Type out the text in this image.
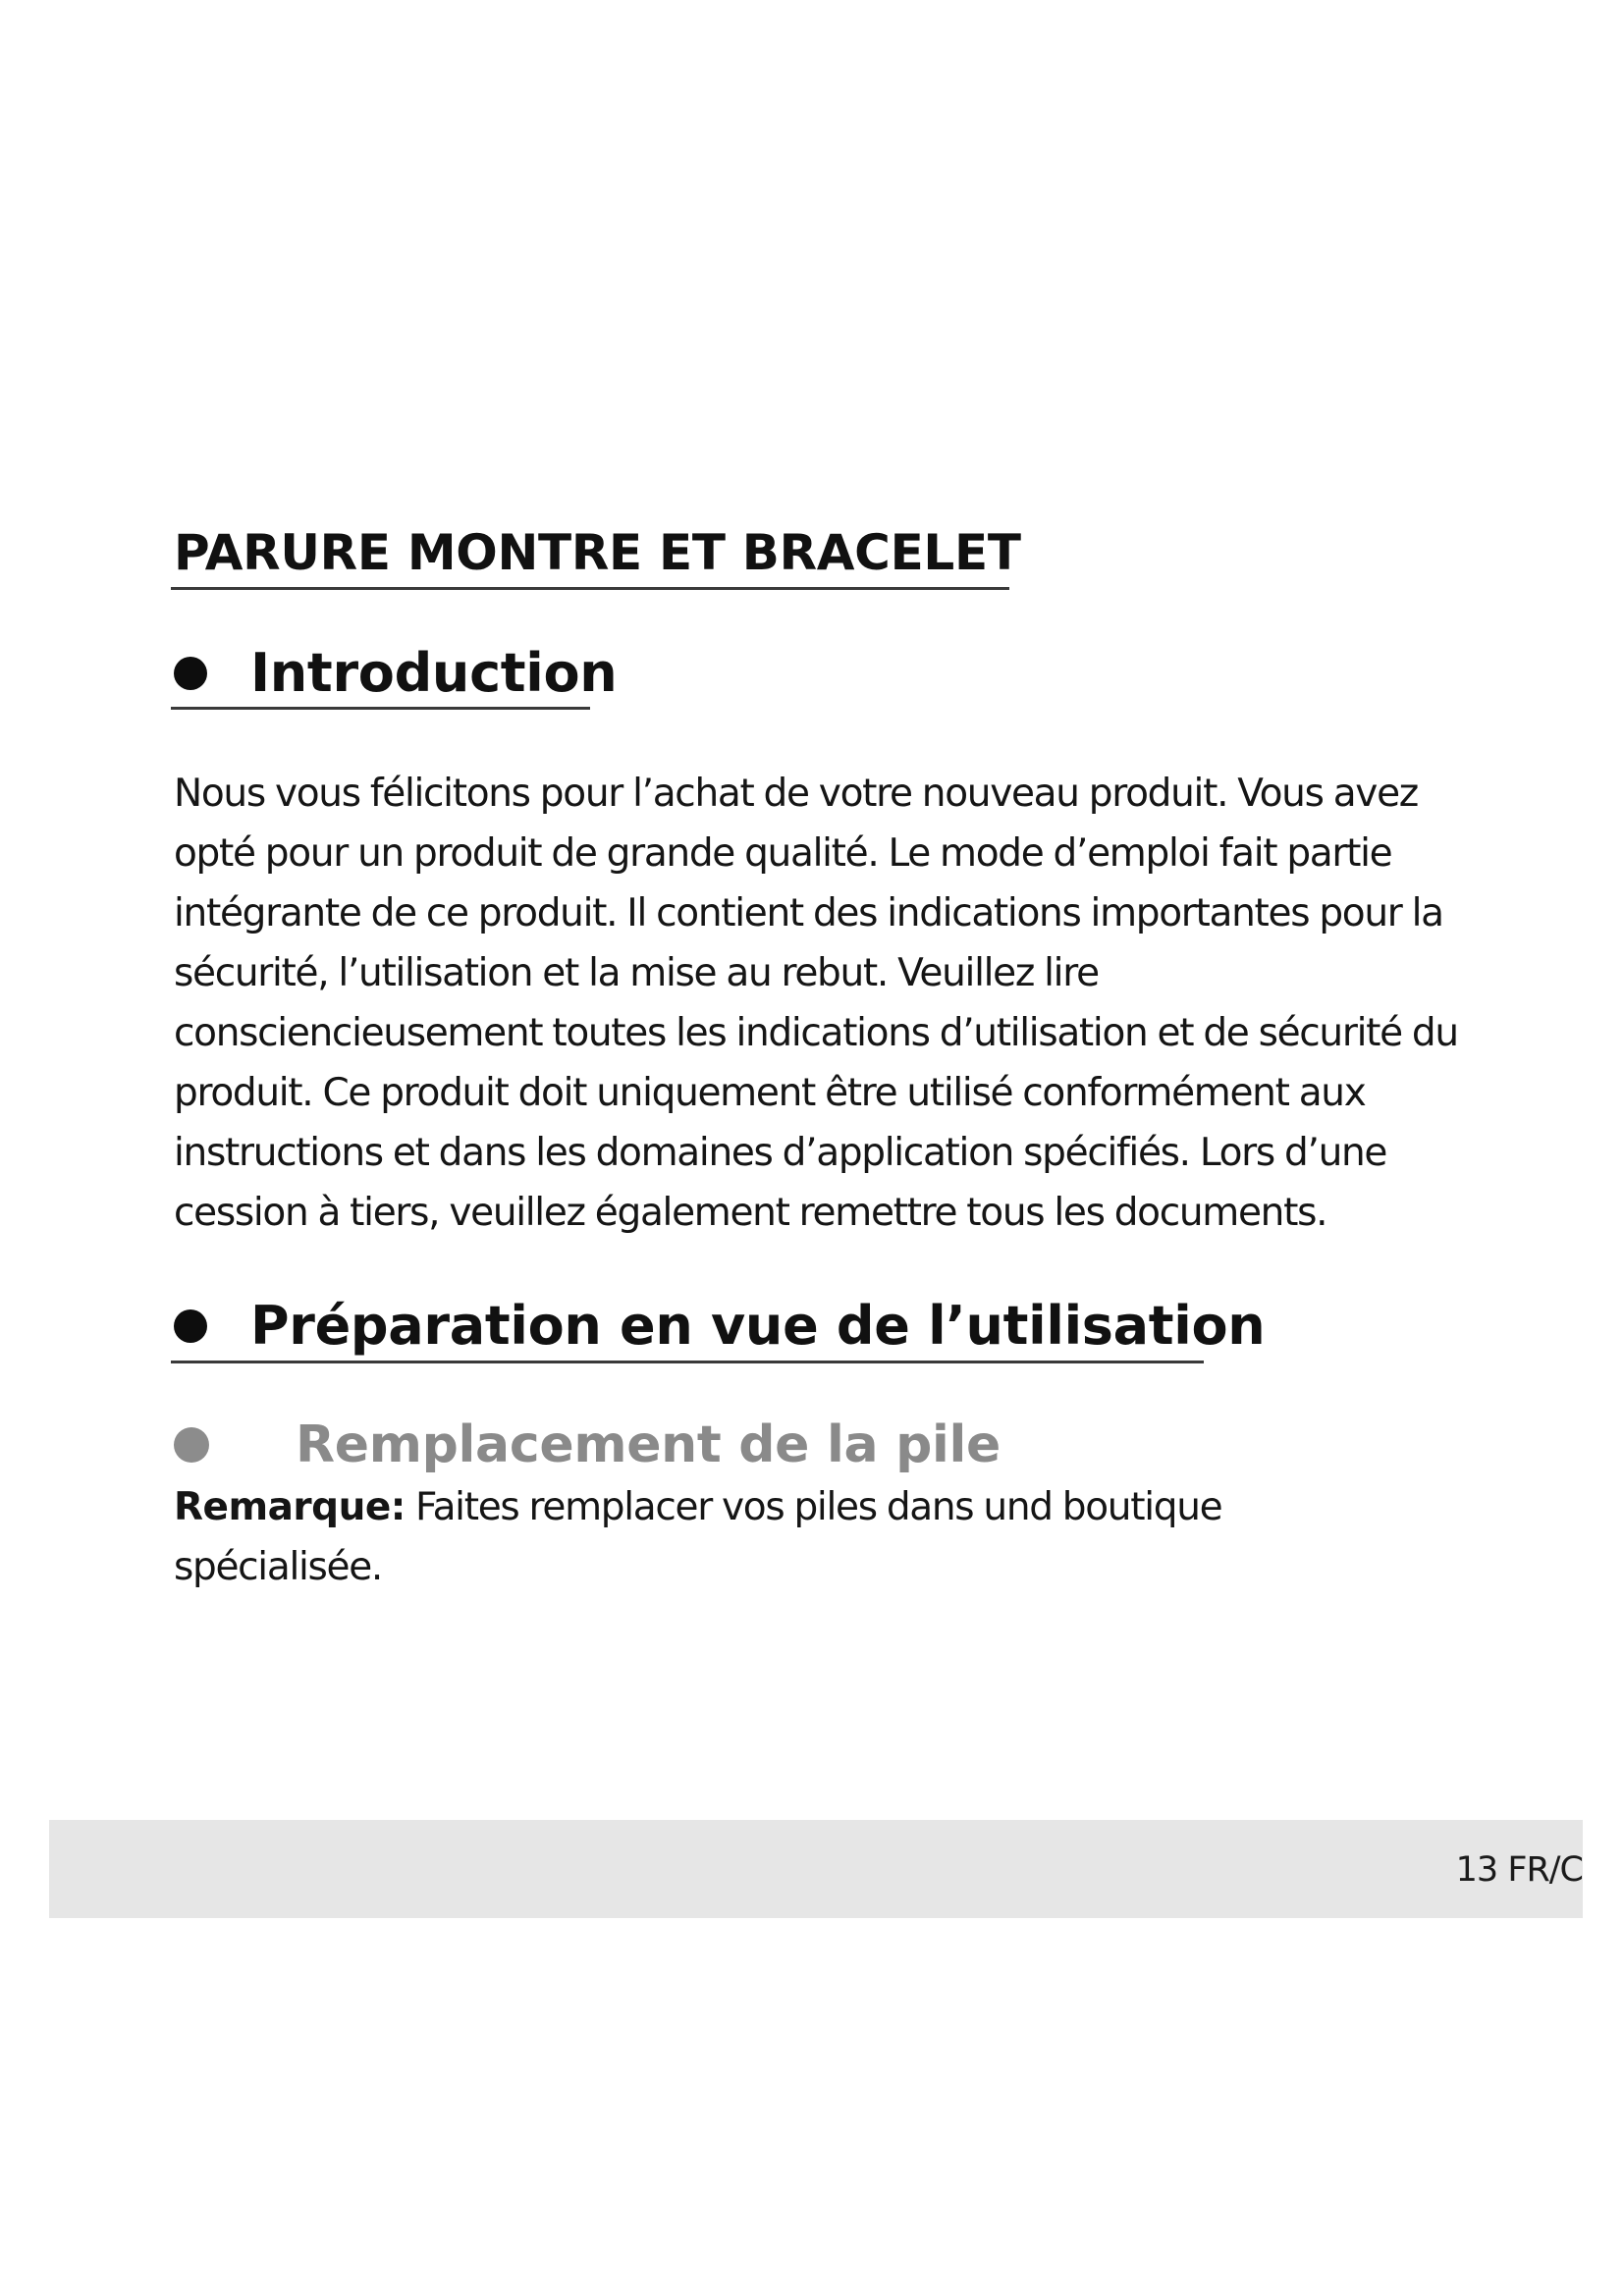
PARURE MONTRE ET BRACELET
Introduction

Nous vous félicitons pour l’achat de votre nouveau produit. Vous avez
opté pour un produit de grande qualité. Le mode d’emploi fait partie
intégrante de ce produit. Il contient des indications importantes pour la
sécurité, l’utilisation et la mise au rebut. Veuillez lire
consciencieusement toutes les indications d’utilisation et de sécurité du
produit. Ce produit doit uniquement être utilisé conformément aux
instructions et dans les domaines d’application spécifiés. Lors d’une
cession à tiers, veuillez également remettre tous les documents.

Préparation en vue de l’utilisation
Remplacement de la pile

Remarque: Faites remplacer vos piles dans und boutique
spécialisée.

13 FR/C
